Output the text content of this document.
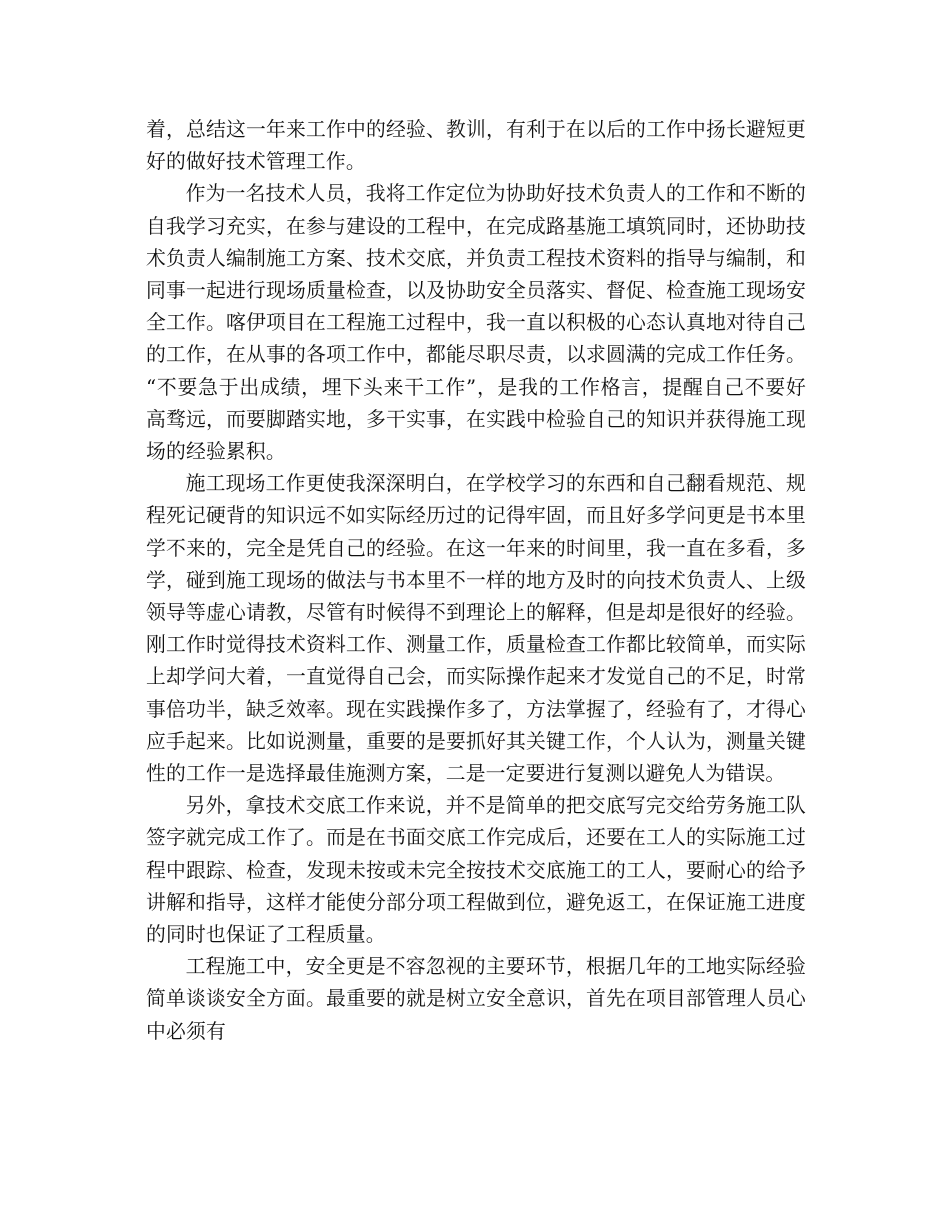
着，总结这一年来工作中的经验、教训，有利于在以后的工作中扬长避短更好的做好技术管理工作。

作为一名技术人员，我将工作定位为协助好技术负责人的工作和不断的自我学习充实，在参与建设的工程中，在完成路基施工填筑同时，还协助技术负责人编制施工方案、技术交底，并负责工程技术资料的指导与编制，和同事一起进行现场质量检查，以及协助安全员落实、督促、检查施工现场安全工作。喀伊项目在工程施工过程中，我一直以积极的心态认真地对待自己的工作，在从事的各项工作中，都能尽职尽责，以求圆满的完成工作任务。“不要急于出成绩，埋下头来干工作”，是我的工作格言，提醒自己不要好高骛远，而要脚踏实地，多干实事，在实践中检验自己的知识并获得施工现场的经验累积。

施工现场工作更使我深深明白，在学校学习的东西和自己翻看规范、规程死记硬背的知识远不如实际经历过的记得牢固，而且好多学问更是书本里学不来的，完全是凭自己的经验。在这一年来的时间里，我一直在多看，多学，碰到施工现场的做法与书本里不一样的地方及时的向技术负责人、上级领导等虚心请教，尽管有时候得不到理论上的解释，但是却是很好的经验。刚工作时觉得技术资料工作、测量工作，质量检查工作都比较简单，而实际上却学问大着，一直觉得自己会，而实际操作起来才发觉自己的不足，时常事倍功半，缺乏效率。现在实践操作多了，方法掌握了，经验有了，才得心应手起来。比如说测量，重要的是要抓好其关键工作，个人认为，测量关键性的工作一是选择最佳施测方案，二是一定要进行复测以避免人为错误。

另外，拿技术交底工作来说，并不是简单的把交底写完交给劳务施工队签字就完成工作了。而是在书面交底工作完成后，还要在工人的实际施工过程中跟踪、检查，发现未按或未完全按技术交底施工的工人，要耐心的给予讲解和指导，这样才能使分部分项工程做到位，避免返工，在保证施工进度的同时也保证了工程质量。

工程施工中，安全更是不容忽视的主要环节，根据几年的工地实际经验简单谈谈安全方面。最重要的就是树立安全意识，首先在项目部管理人员心中必须有
